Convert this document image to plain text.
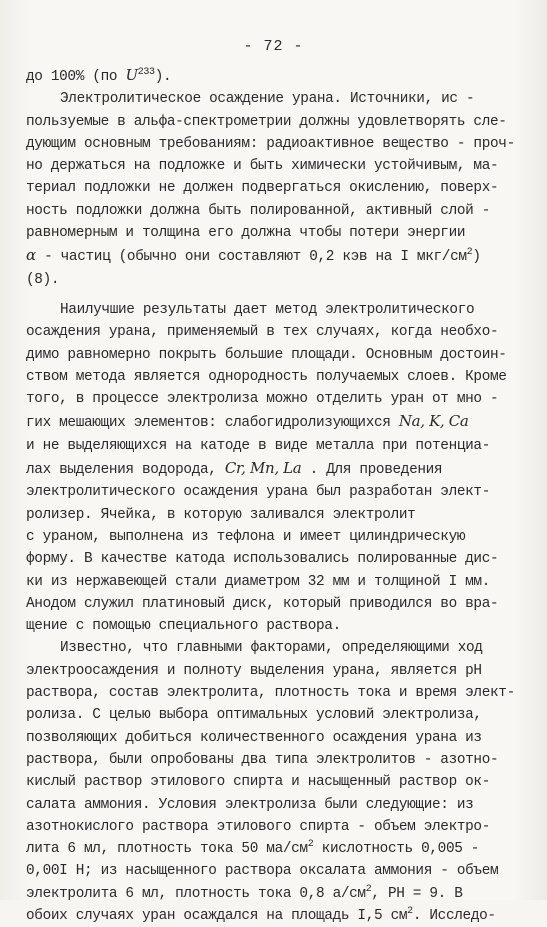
- 72 -
до 100% (по $U^{233}$).
Электролитическое осаждение урана. Источники, ис -
пользуемые в альфа-спектрометрии должны удовлетворять сле-
дующим основным требованиям: радиоактивное вещество - проч-
но держаться на подложке и быть химически устойчивым, ма-
териал подложки не должен подвергаться окислению, поверх-
ность подложки должна быть полированной, активный слой -
равномерным и толщина его должна чтобы потери энергии
α - частиц (обычно они составляют 0,2 кэв на I мкг/$см^2$)
(8).
Наилучшие результаты дает метод электролитического
осаждения урана, применяемый в тех случаях, когда необхо-
димо равномерно покрыть большие площади. Основным достоин-
ством метода является однородность получаемых слоев. Кроме
того, в процессе электролиза можно отделить уран от мно -
гих мешающих элементов: слабогидролизующихся Na, K, Ca
и не выделяющихся на катоде в виде металла при потенциа-
лах выделения водорода, Cr, Mn, La . Для проведения
электролитического осаждения урана был разработан элект-
ролизер. Ячейка, в которую заливался электролит
с ураном, выполнена из тефлона и имеет цилиндрическую
форму. В качестве катода использовались полированные дис-
ки из нержавеющей стали диаметром 32 мм и толщиной I мм.
Анодом служил платиновый диск, который приводился во вра-
щение с помощью специального раствора.
Известно, что главными факторами, определяющими ход
электроосаждения и полноту выделения урана, является pH
раствора, состав электролита, плотность тока и время элект-
ролиза. С целью выбора оптимальных условий электролиза,
позволяющих добиться количественного осаждения урана из
раствора, были опробованы два типа электролитов - азотно-
кислый раствор этилового спирта и насыщенный раствор ок-
салата аммония. Условия электролиза были следующие: из
азотнокислого раствора этилового спирта - объем электро-
лита 6 мл, плотность тока 50 $ма/см^2$ кислотность 0,005 -
0,00I Н; из насыщенного раствора оксалата аммония - объем
электролита 6 мл, плотность тока 0,8 $а/см^2$, PH = 9. В
обоих случаях уран осаждался на площадь I,5 $см^2$. Исследо-
